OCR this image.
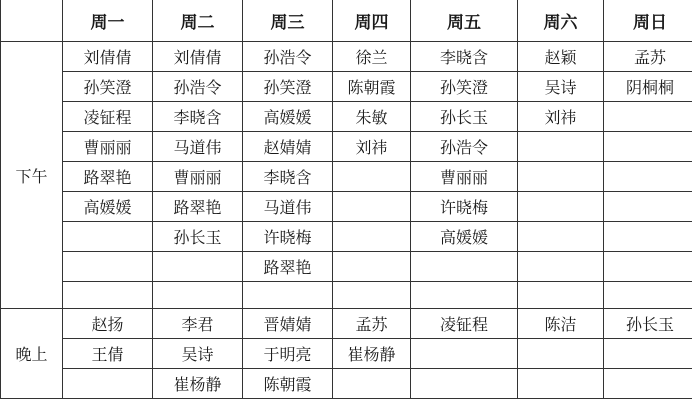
	周一	周二	周三	周四	周五	周六	周日
下午	刘倩倩	刘倩倩	孙浩令	徐兰	李晓含	赵颖	孟苏
	孙笑澄	孙浩令	孙笑澄	陈朝霞	孙笑澄	吴诗	阴桐桐
	凌钲程	李晓含	高媛媛	朱敏	孙长玉	刘祎	
	曹丽丽	马道伟	赵婧婧	刘祎	孙浩令		
	路翠艳	曹丽丽	李晓含		曹丽丽		
	高媛媛	路翠艳	马道伟		许晓梅		
		孙长玉	许晓梅		高媛媛		
			路翠艳				

晚上	赵扬	李君	晋婧婧	孟苏	凌钲程	陈洁	孙长玉
	王倩	吴诗	于明亮	崔杨静			
		崔杨静	陈朝霞				
